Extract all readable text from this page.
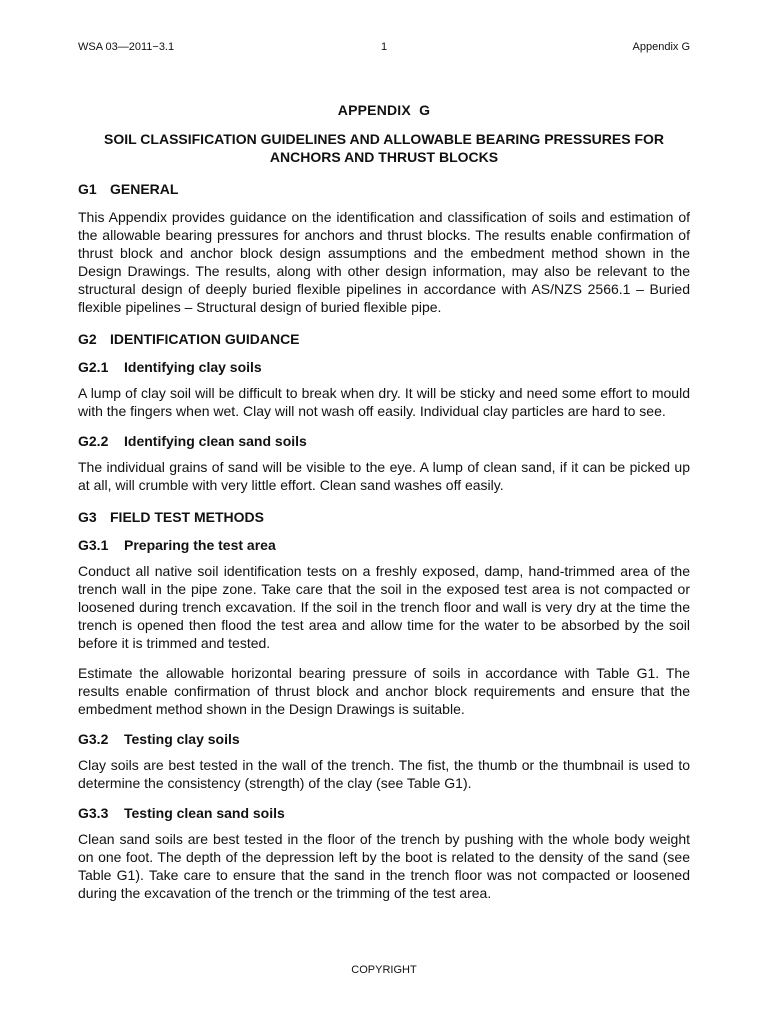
WSA 03—2011−3.1	1	Appendix G
APPENDIX  G
SOIL CLASSIFICATION GUIDELINES AND ALLOWABLE BEARING PRESSURES FOR ANCHORS AND THRUST BLOCKS
G1 GENERAL

This Appendix provides guidance on the identification and classification of soils and estimation of the allowable bearing pressures for anchors and thrust blocks. The results enable confirmation of thrust block and anchor block design assumptions and the embedment method shown in the Design Drawings. The results, along with other design information, may also be relevant to the structural design of deeply buried flexible pipelines in accordance with AS/NZS 2566.1 – Buried flexible pipelines – Structural design of buried flexible pipe.

G2 IDENTIFICATION GUIDANCE
G2.1 Identifying clay soils

A lump of clay soil will be difficult to break when dry. It will be sticky and need some effort to mould with the fingers when wet. Clay will not wash off easily. Individual clay particles are hard to see.

G2.2 Identifying clean sand soils

The individual grains of sand will be visible to the eye. A lump of clean sand, if it can be picked up at all, will crumble with very little effort. Clean sand washes off easily.

G3 FIELD TEST METHODS
G3.1 Preparing the test area

Conduct all native soil identification tests on a freshly exposed, damp, hand-trimmed area of the trench wall in the pipe zone. Take care that the soil in the exposed test area is not compacted or loosened during trench excavation. If the soil in the trench floor and wall is very dry at the time the trench is opened then flood the test area and allow time for the water to be absorbed by the soil before it is trimmed and tested.

Estimate the allowable horizontal bearing pressure of soils in accordance with Table G1. The results enable confirmation of thrust block and anchor block requirements and ensure that the embedment method shown in the Design Drawings is suitable.

G3.2 Testing clay soils

Clay soils are best tested in the wall of the trench. The fist, the thumb or the thumbnail is used to determine the consistency (strength) of the clay (see Table G1).

G3.3 Testing clean sand soils

Clean sand soils are best tested in the floor of the trench by pushing with the whole body weight on one foot. The depth of the depression left by the boot is related to the density of the sand (see Table G1). Take care to ensure that the sand in the trench floor was not compacted or loosened during the excavation of the trench or the trimming of the test area.

COPYRIGHT
